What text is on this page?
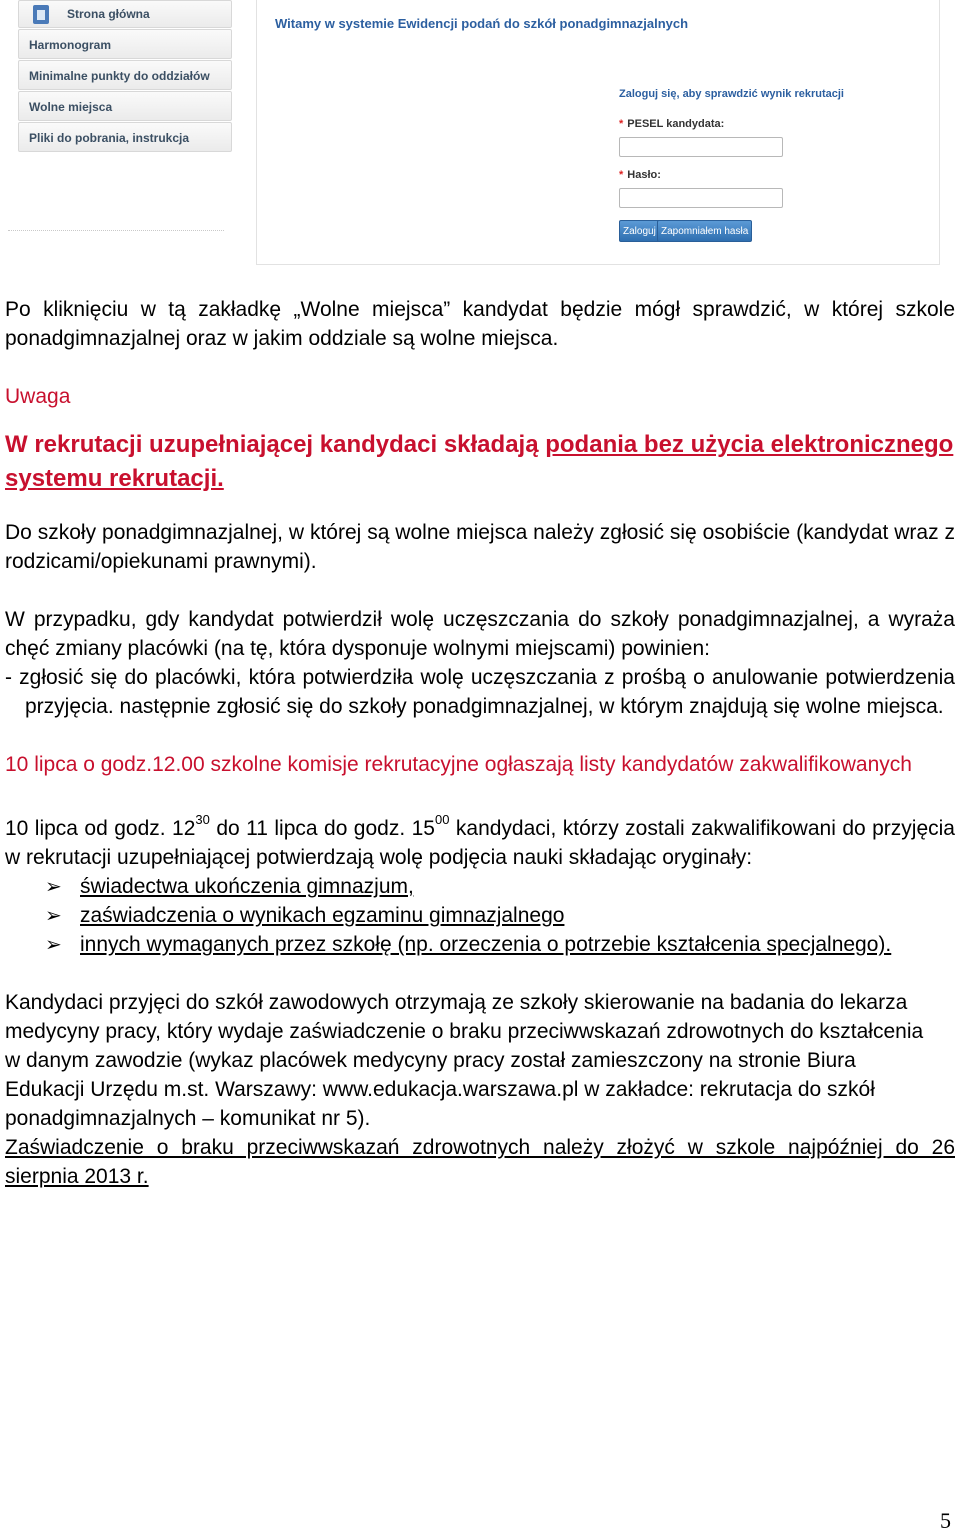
Strona główna
Harmonogram
Minimalne punkty do oddziałów
Wolne miejsca
Pliki do pobrania, instrukcja
Witamy w systemie Ewidencji podań do szkół ponadgimnazjalnych
Zaloguj się, aby sprawdzić wynik rekrutacji
* PESEL kandydata:
* Hasło:
Zaloguj Zapomniałem hasła

Po kliknięciu w tą zakładkę „Wolne miejsca” kandydat będzie mógł sprawdzić, w której szkole ponadgimnazjalnej oraz w jakim oddziale są wolne miejsca.

Uwaga

W rekrutacji uzupełniającej kandydaci składają podania bez użycia elektronicznego systemu rekrutacji.

Do szkoły ponadgimnazjalnej, w której są wolne miejsca należy zgłosić się osobiście (kandydat wraz z rodzicami/opiekunami prawnymi).

W przypadku, gdy kandydat potwierdził wolę uczęszczania do szkoły ponadgimnazjalnej, a wyraża chęć zmiany placówki (na tę, która dysponuje wolnymi miejscami) powinien:

- zgłosić się do placówki, która potwierdziła wolę uczęszczania z prośbą o anulowanie potwierdzenia przyjęcia. następnie zgłosić się do szkoły ponadgimnazjalnej, w którym znajdują się wolne miejsca.

10 lipca o godz.12.00 szkolne komisje rekrutacyjne ogłaszają listy kandydatów zakwalifikowanych

10 lipca od godz. $12^{30}$ do 11 lipca do godz. $15^{00}$ kandydaci, którzy zostali zakwalifikowani do przyjęcia w rekrutacji uzupełniającej potwierdzają wolę podjęcia nauki składając oryginały:

➢ świadectwa ukończenia gimnazjum,
➢ zaświadczenia o wynikach egzaminu gimnazjalnego
➢ innych wymaganych przez szkołę (np. orzeczenia o potrzebie kształcenia specjalnego).

Kandydaci przyjęci do szkół zawodowych otrzymają ze szkoły skierowanie na badania do lekarza medycyny pracy, który wydaje zaświadczenie o braku przeciwwskazań zdrowotnych do kształcenia w danym zawodzie (wykaz placówek medycyny pracy został zamieszczony na stronie Biura Edukacji Urzędu m.st. Warszawy: www.edukacja.warszawa.pl w zakładce: rekrutacja do szkół ponadgimnazjalnych – komunikat nr 5).

Zaświadczenie o braku przeciwwskazań zdrowotnych należy złożyć w szkole najpóźniej do 26 sierpnia 2013 r.

5
